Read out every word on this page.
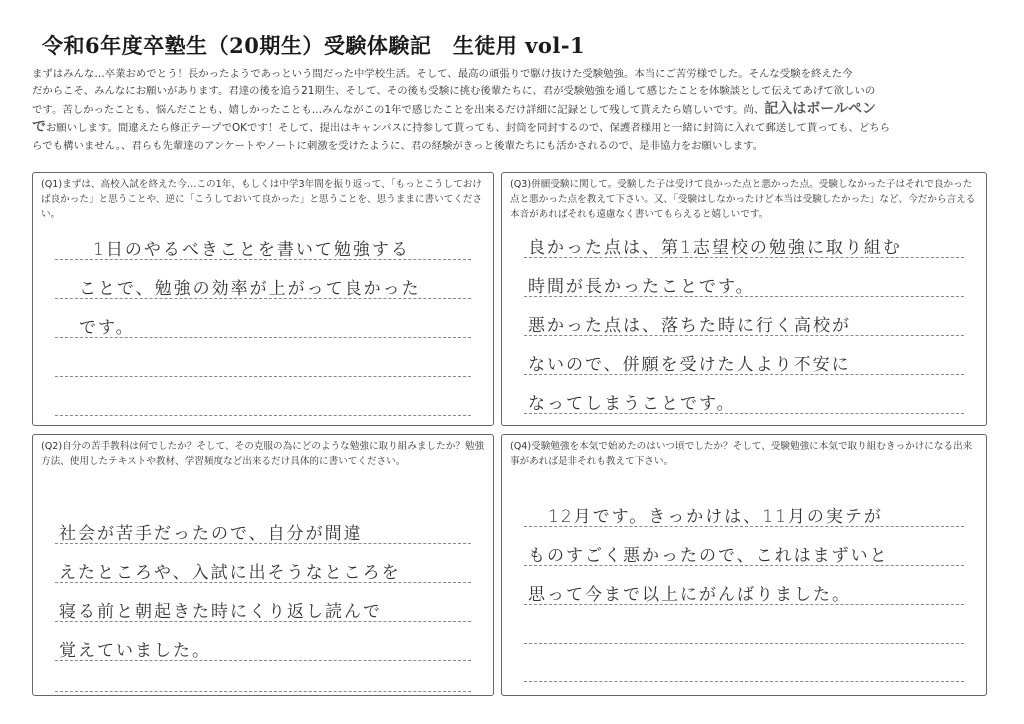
令和6年度卒塾生（20期生）受験体験記　生徒用 vol-1

まずはみんな…卒業おめでとう！長かったようであっという間だった中学校生活。そして、最高の頑張りで駆け抜けた受験勉強。本当にご苦労様でした。そんな受験を終えた今

だからこそ、みんなにお願いがあります。君達の後を追う21期生、そして、その後も受験に挑む後輩たちに、君が受験勉強を通して感じたことを体験談として伝えてあげて欲しいの

です。苦しかったことも、悩んだことも、嬉しかったことも…みんながこの1年で感じたことを出来るだけ詳細に記録として残して貰えたら嬉しいです。尚、記入はボールペン

でお願いします。間違えたら修正テープでOKです！そして、提出はキャンパスに持参して貰っても、封筒を同封するので、保護者様用と一緒に封筒に入れて郵送して貰っても、どちら

らでも構いません。、君らも先輩達のアンケートやノートに刺激を受けたように、君の経験がきっと後輩たちにも活かされるので、是非協力をお願いします。

(Q1)まずは、高校入試を終えた今…この1年、もしくは中学3年間を振り返って、「もっとこうしておけば良かった」と思うことや、逆に「こうしておいて良かった」と思うことを、思うままに書いてください。
1日のやるべきことを書いて勉強する
ことで、勉強の効率が上がって良かった
です。
(Q3)併願受験に関して。受験した子は受けて良かった点と悪かった点。受験しなかった子はそれで良かった点と悪かった点を教えて下さい。又、「受験はしなかったけど本当は受験したかった」など、今だから言える本音があればそれも遠慮なく書いてもらえると嬉しいです。
良かった点は、第1志望校の勉強に取り組む
時間が長かったことです。
悪かった点は、落ちた時に行く高校が
ないので、併願を受けた人より不安に
なってしまうことです。
(Q2)自分の苦手教科は何でしたか？そして、その克服の為にどのような勉強に取り組みましたか？勉強方法、使用したテキストや教材、学習頻度など出来るだけ具体的に書いてください。
社会が苦手だったので、自分が間違
えたところや、入試に出そうなところを
寝る前と朝起きた時にくり返し読んで
覚えていました。
(Q4)受験勉強を本気で始めたのはいつ頃でしたか？そして、受験勉強に本気で取り組むきっかけになる出来事があれば是非それも教えて下さい。
12月です。きっかけは、11月の実テが
ものすごく悪かったので、これはまずいと
思って今まで以上にがんばりました。
